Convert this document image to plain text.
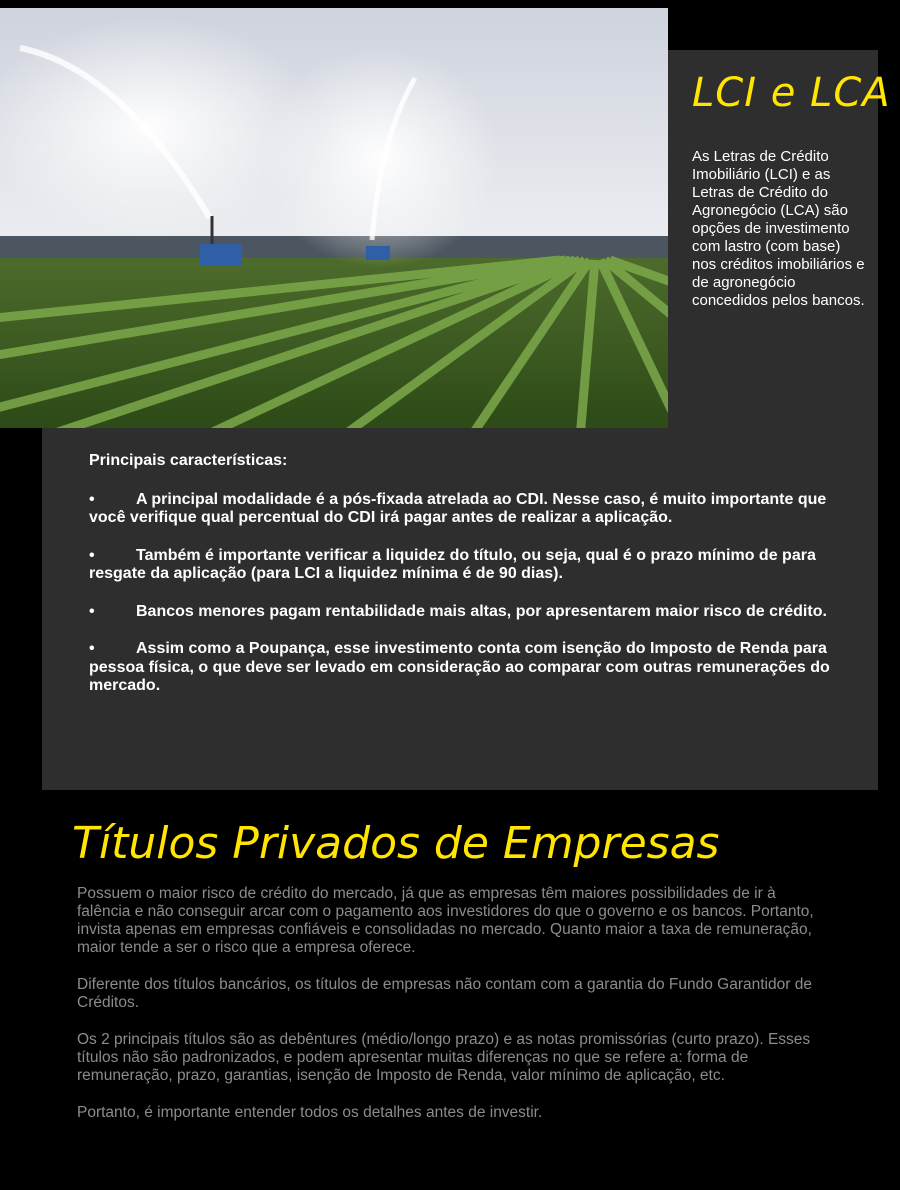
LCI e LCA

As Letras de Crédito Imobiliário (LCI) e as Letras de Crédito do Agronegócio (LCA) são opções de investimento com lastro (com base) nos créditos imobiliários e de agronegócio concedidos pelos bancos.

Principais características:
•	A principal modalidade é a pós-fixada atrelada ao CDI. Nesse caso, é muito importante que você verifique qual percentual do CDI irá pagar antes de realizar a aplicação.
•	Também é importante verificar a liquidez do título, ou seja, qual é o prazo mínimo de para resgate da aplicação (para LCI a liquidez mínima é de 90 dias).
•	Bancos menores pagam rentabilidade mais altas, por apresentarem maior risco de crédito.
•	Assim como a Poupança, esse investimento conta com isenção do Imposto de Renda para pessoa física, o que deve ser levado em consideração ao comparar com outras remunerações do mercado.
Títulos Privados de Empresas

Possuem o maior risco de crédito do mercado, já que as empresas têm maiores possibilidades de ir à falência e não conseguir arcar com o pagamento aos investidores do que o governo e os bancos. Portanto, invista apenas em empresas confiáveis e consolidadas no mercado. Quanto maior a taxa de remuneração, maior tende a ser o risco que a empresa oferece.

Diferente dos títulos bancários, os títulos de empresas não contam com a garantia do Fundo Garantidor de Créditos.

Os 2 principais títulos são as debêntures (médio/longo prazo) e as notas promissórias (curto prazo). Esses títulos não são padronizados, e podem apresentar muitas diferenças no que se refere a: forma de remuneração, prazo, garantias, isenção de Imposto de Renda, valor mínimo de aplicação, etc.

Portanto, é importante entender todos os detalhes antes de investir.
